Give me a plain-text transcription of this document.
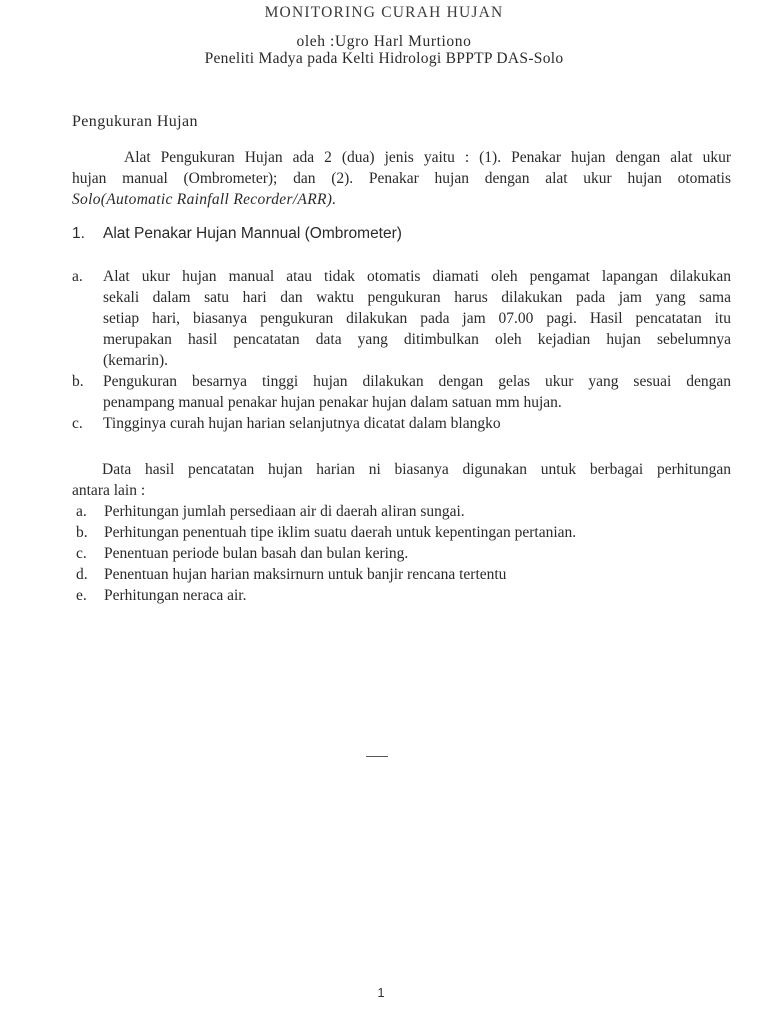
MONITORING CURAH HUJAN
oleh :Ugro Harl Murtiono
Peneliti Madya pada Kelti Hidrologi BPPTP DAS-Solo
Pengukuran Hujan
Alat Pengukuran Hujan ada 2 (dua) jenis yaitu : (1). Penakar hujan dengan alat ukur
hujan manual (Ombrometer); dan (2). Penakar hujan dengan alat ukur hujan otomatis
Solo(Automatic Rainfall Recorder/ARR).
1. Alat Penakar Hujan Mannual (Ombrometer)
a. Alat ukur hujan manual atau tidak otomatis diamati oleh pengamat lapangan dilakukan
sekali dalam satu hari dan waktu pengukuran harus dilakukan pada jam yang sama
setiap hari, biasanya pengukuran dilakukan pada jam 07.00 pagi. Hasil pencatatan itu
merupakan hasil pencatatan data yang ditimbulkan oleh kejadian hujan sebelumnya
(kemarin).
b. Pengukuran besarnya tinggi hujan dilakukan dengan gelas ukur yang sesuai dengan
penampang manual penakar hujan penakar hujan dalam satuan mm hujan.
c. Tingginya curah hujan harian selanjutnya dicatat dalam blangko
Data hasil pencatatan hujan harian ni biasanya digunakan untuk berbagai perhitungan
antara lain :
a. Perhitungan jumlah persediaan air di daerah aliran sungai.
b. Perhitungan penentuah tipe iklim suatu daerah untuk kepentingan pertanian.
c. Penentuan periode bulan basah dan bulan kering.
d. Penentuan hujan harian maksirnurn untuk banjir rencana tertentu
e. Perhitungan neraca air.
1
